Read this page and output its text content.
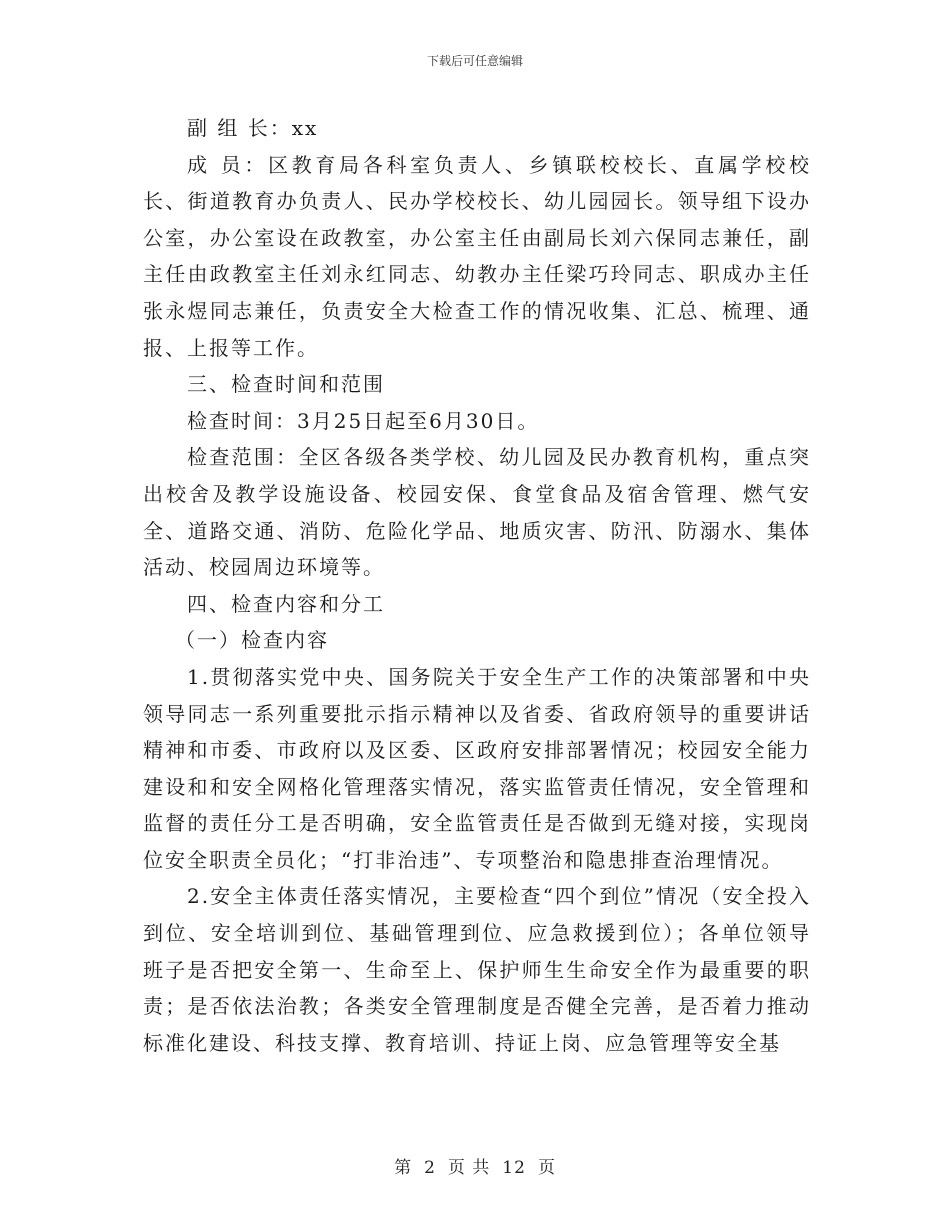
下载后可任意编辑

副 组 长：xx

成 员：区教育局各科室负责人、乡镇联校校长、直属学校校长、街道教育办负责人、民办学校校长、幼儿园园长。领导组下设办公室，办公室设在政教室，办公室主任由副局长刘六保同志兼任，副主任由政教室主任刘永红同志、幼教办主任梁巧玲同志、职成办主任张永煜同志兼任，负责安全大检查工作的情况收集、汇总、梳理、通报、上报等工作。

三、检查时间和范围

检查时间：3月25日起至6月30日。

检查范围：全区各级各类学校、幼儿园及民办教育机构，重点突出校舍及教学设施设备、校园安保、食堂食品及宿舍管理、燃气安全、道路交通、消防、危险化学品、地质灾害、防汛、防溺水、集体活动、校园周边环境等。

四、检查内容和分工

（一）检查内容

1.贯彻落实党中央、国务院关于安全生产工作的决策部署和中央领导同志一系列重要批示指示精神以及省委、省政府领导的重要讲话精神和市委、市政府以及区委、区政府安排部署情况；校园安全能力建设和和安全网格化管理落实情况，落实监管责任情况，安全管理和监督的责任分工是否明确，安全监管责任是否做到无缝对接，实现岗位安全职责全员化；“打非治违”、专项整治和隐患排查治理情况。

2.安全主体责任落实情况，主要检查“四个到位”情况（安全投入到位、安全培训到位、基础管理到位、应急救援到位）；各单位领导班子是否把安全第一、生命至上、保护师生生命安全作为最重要的职责；是否依法治教；各类安全管理制度是否健全完善，是否着力推动标准化建设、科技支撑、教育培训、持证上岗、应急管理等安全基

第 2 页 共 12 页
